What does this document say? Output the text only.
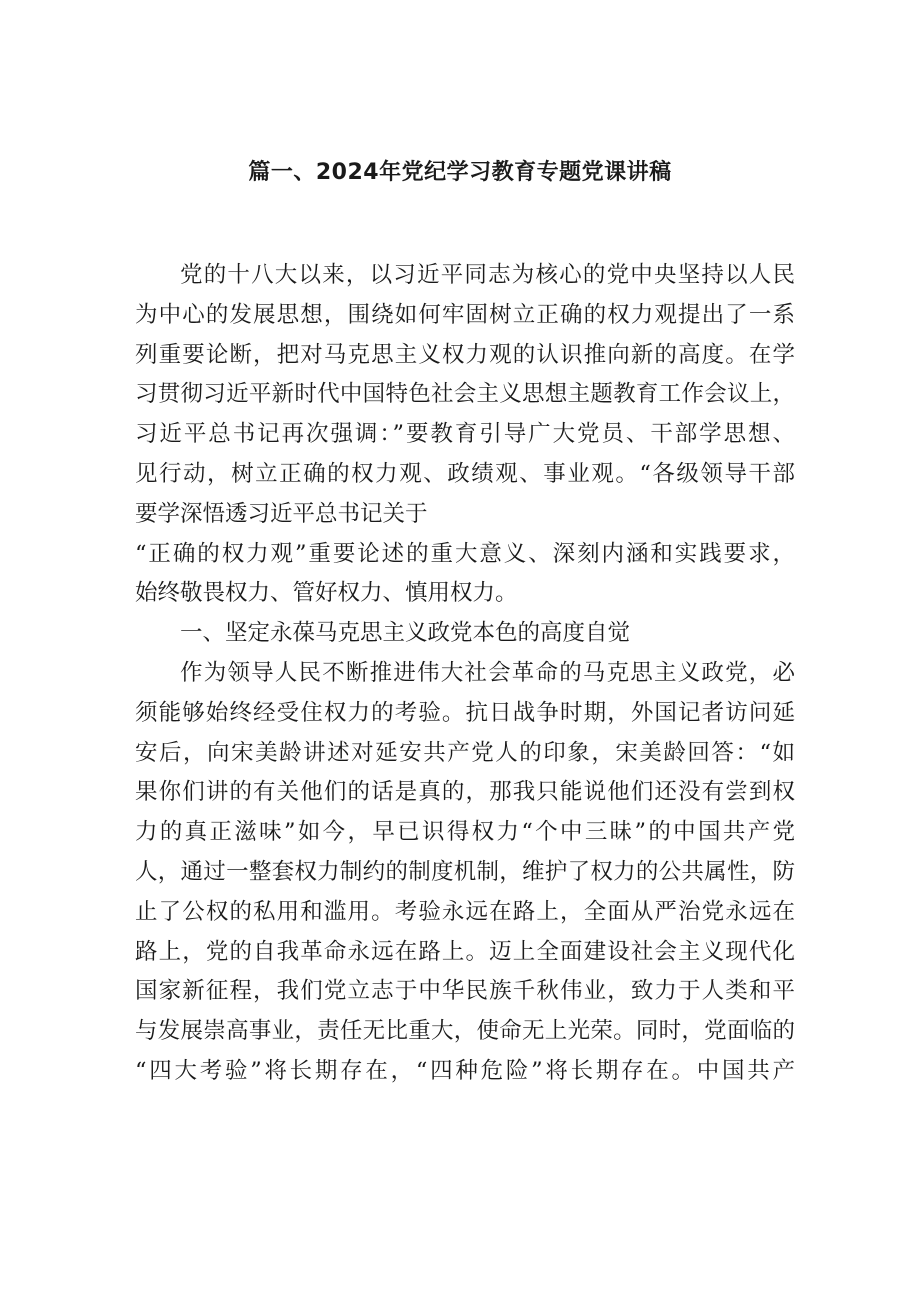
篇一、2024年党纪学习教育专题党课讲稿
党的十八大以来，以习近平同志为核心的党中央坚持以人民
为中心的发展思想，围绕如何牢固树立正确的权力观提出了一系
列重要论断，把对马克思主义权力观的认识推向新的高度。在学
习贯彻习近平新时代中国特色社会主义思想主题教育工作会议上，
习近平总书记再次强调：”要教育引导广大党员、干部学思想、
见行动，树立正确的权力观、政绩观、事业观。“各级领导干部
要学深悟透习近平总书记关于
“正确的权力观”重要论述的重大意义、深刻内涵和实践要求，
始终敬畏权力、管好权力、慎用权力。
一、坚定永葆马克思主义政党本色的高度自觉
作为领导人民不断推进伟大社会革命的马克思主义政党，必
须能够始终经受住权力的考验。抗日战争时期，外国记者访问延
安后，向宋美龄讲述对延安共产党人的印象，宋美龄回答：“如
果你们讲的有关他们的话是真的，那我只能说他们还没有尝到权
力的真正滋味”如今，早已识得权力“个中三昧”的中国共产党
人，通过一整套权力制约的制度机制，维护了权力的公共属性，防
止了公权的私用和滥用。考验永远在路上，全面从严治党永远在
路上，党的自我革命永远在路上。迈上全面建设社会主义现代化
国家新征程，我们党立志于中华民族千秋伟业，致力于人类和平
与发展崇高事业，责任无比重大，使命无上光荣。同时，党面临的
“四大考验”将长期存在，“四种危险”将长期存在。中国共产
